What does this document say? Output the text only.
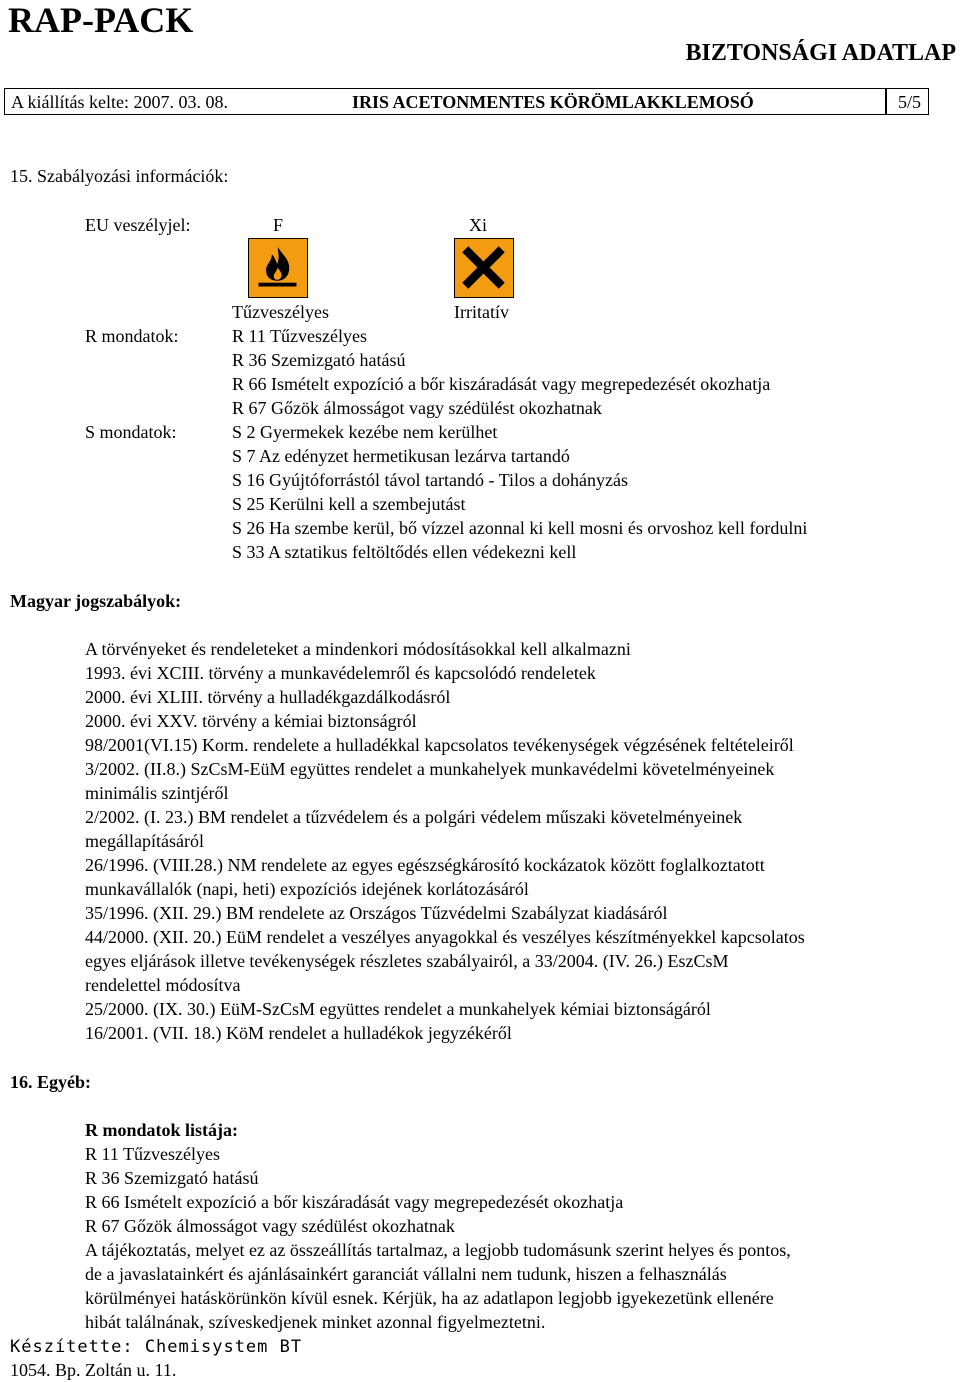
RAP-PACK
BIZTONSÁGI ADATLAP
A kiállítás kelte: 2007. 03. 08.	IRIS ACETONMENTES KÖRÖMLAKKLEMOSÓ	5/5
15. Szabályozási információk:
EU veszélyjel:	F	Xi
Tűzveszélyes	Irritatív
R mondatok:	R 11 Tűzveszélyes
R 36 Szemizgató hatású
R 66 Ismételt expozíció a bőr kiszáradását vagy megrepedezését okozhatja
R 67 Gőzök álmosságot vagy szédülést okozhatnak
S mondatok:	S 2 Gyermekek kezébe nem kerülhet
S 7 Az edényzet hermetikusan lezárva tartandó
S 16 Gyújtóforrástól távol tartandó - Tilos a dohányzás
S 25 Kerülni kell a szembejutást
S 26 Ha szembe kerül, bő vízzel azonnal ki kell mosni és orvoshoz kell fordulni
S 33 A sztatikus feltöltődés ellen védekezni kell
Magyar jogszabályok:
A törvényeket és rendeleteket a mindenkori módosításokkal kell alkalmazni
1993. évi XCIII. törvény a munkavédelemről és kapcsolódó rendeletek
2000. évi XLIII. törvény a hulladékgazdálkodásról
2000. évi XXV. törvény a kémiai biztonságról
98/2001(VI.15) Korm. rendelete a hulladékkal kapcsolatos tevékenységek végzésének feltételeiről
3/2002. (II.8.) SzCsM-EüM együttes rendelet a munkahelyek munkavédelmi követelményeinek
minimális szintjéről
2/2002. (I. 23.) BM rendelet a tűzvédelem és a polgári védelem műszaki követelményeinek
megállapításáról
26/1996. (VIII.28.) NM rendelete az egyes egészségkárosító kockázatok között foglalkoztatott
munkavállalók (napi, heti) expozíciós idejének korlátozásáról
35/1996. (XII. 29.) BM rendelete az Országos Tűzvédelmi Szabályzat kiadásáról
44/2000. (XII. 20.) EüM rendelet a veszélyes anyagokkal és veszélyes készítményekkel kapcsolatos
egyes eljárások illetve tevékenységek részletes szabályairól, a 33/2004. (IV. 26.) EszCsM
rendelettel módosítva
25/2000. (IX. 30.) EüM-SzCsM együttes rendelet a munkahelyek kémiai biztonságáról
16/2001. (VII. 18.) KöM rendelet a hulladékok jegyzékéről
16. Egyéb:
R mondatok listája:
R 11 Tűzveszélyes
R 36 Szemizgató hatású
R 66 Ismételt expozíció a bőr kiszáradását vagy megrepedezését okozhatja
R 67 Gőzök álmosságot vagy szédülést okozhatnak
A tájékoztatás, melyet ez az összeállítás tartalmaz, a legjobb tudomásunk szerint helyes és pontos,
de a javaslatainkért és ajánlásainkért garanciát vállalni nem tudunk, hiszen a felhasználás
körülményei hatáskörünkön kívül esnek. Kérjük, ha az adatlapon legjobb igyekezetünk ellenére
hibát találnának, szíveskedjenek minket azonnal figyelmeztetni.
Készítette: Chemisystem BT
1054. Bp. Zoltán u. 11.
